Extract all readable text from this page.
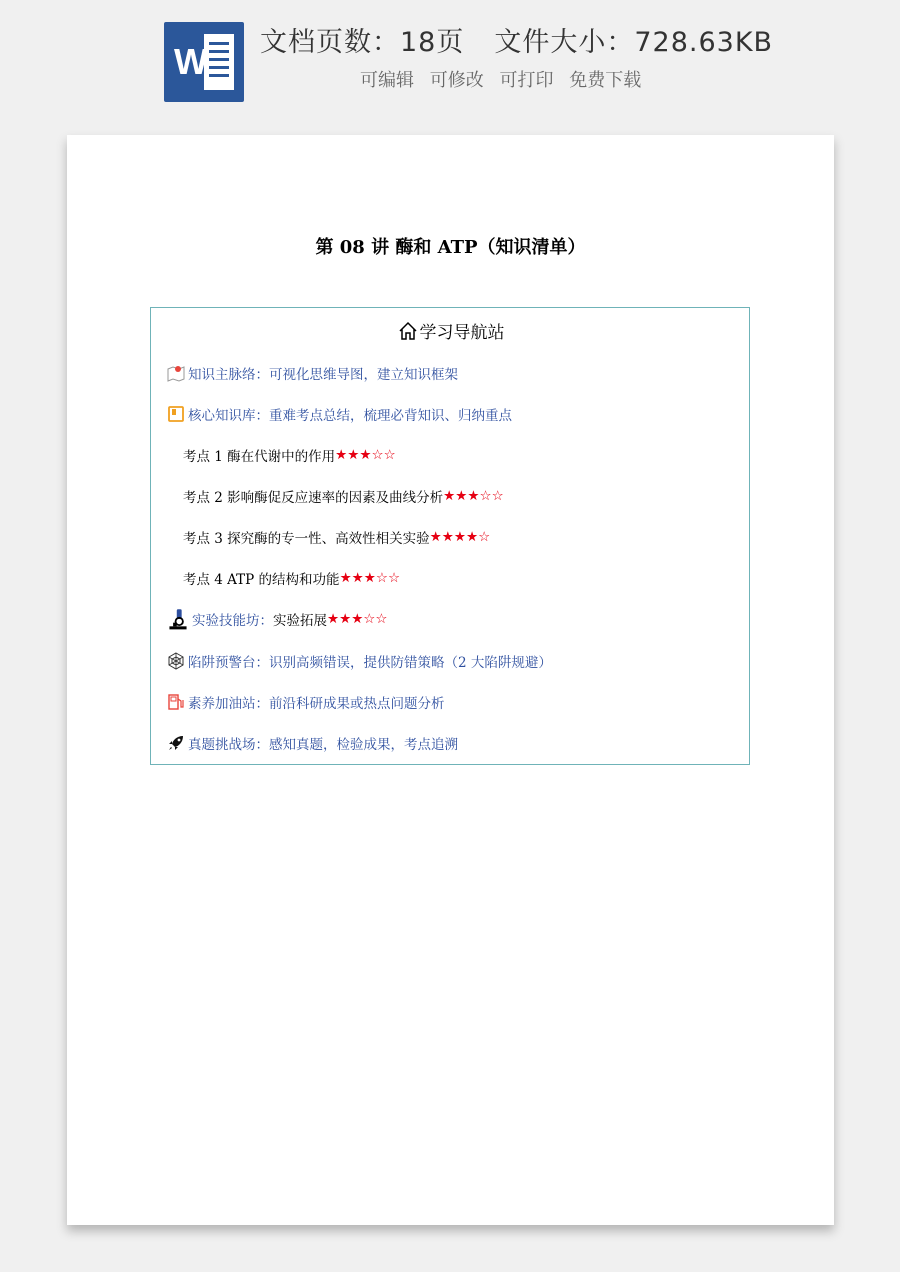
W 文档页数：18页 文件大小：728.63KB
可编辑 可修改 可打印 免费下载
第 08 讲 酶和 ATP（知识清单）
学习导航站
知识主脉络： 可视化思维导图，建立知识框架
核心知识库： 重难考点总结，梳理必背知识、归纳重点
考点 1 酶在代谢中的作用 ★★★☆☆
考点 2 影响酶促反应速率的因素及曲线分析 ★★★☆☆
考点 3 探究酶的专一性、高效性相关实验 ★★★★☆
考点 4 ATP 的结构和功能 ★★★☆☆
实验技能坊： 实验拓展 ★★★☆☆
陷阱预警台： 识别高频错误，提供防错策略（2 大陷阱规避）
素养加油站： 前沿科研成果或热点问题分析
真题挑战场： 感知真题，检验成果，考点追溯
